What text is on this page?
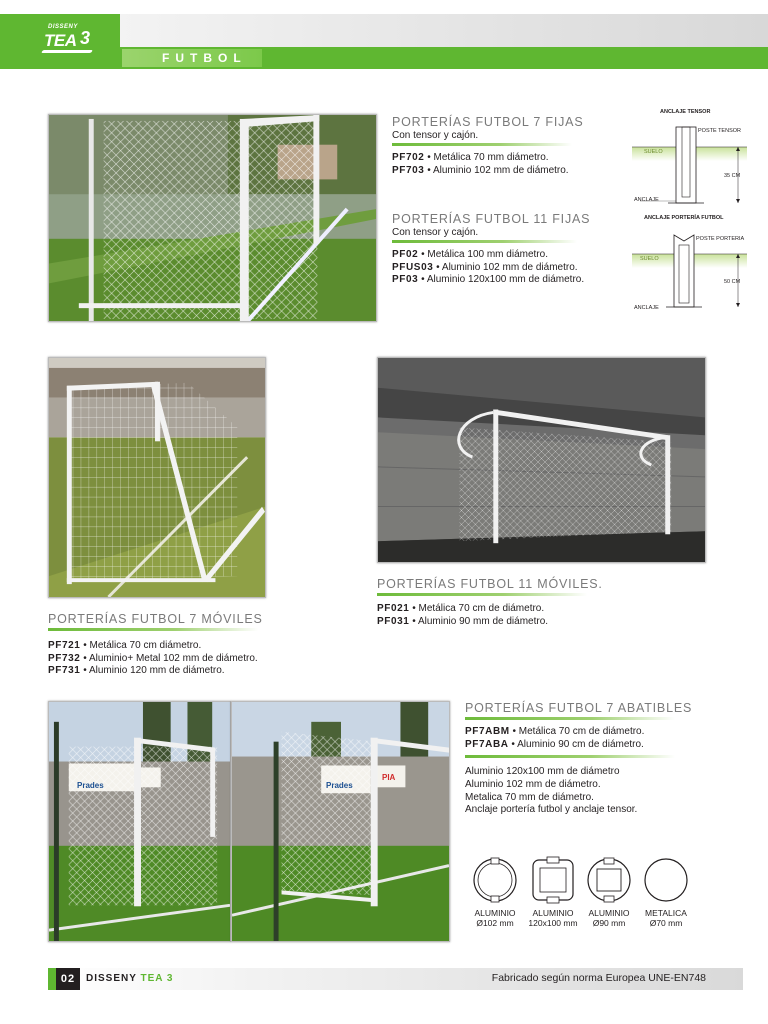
FUTBOL
DISSENY
TEA 3
PORTERÍAS FUTBOL 7 FIJAS
Con tensor y cajón.
PF702 • Metálica 70 mm diámetro.
PF703 • Aluminio 102 mm de diámetro.
PORTERÍAS FUTBOL 11 FIJAS
Con tensor y cajón.
PF02 • Metálica 100 mm diámetro.
PFUS03 • Aluminio 102 mm de diámetro.
PF03 • Aluminio 120x100 mm de diámetro.
ANCLAJE TENSOR
POSTE TENSOR
SUELO
35 CM
ANCLAJE
ANCLAJE PORTERÍA FUTBOL
POSTE PORTERIA
SUELO
50 CM
ANCLAJE
PORTERÍAS FUTBOL 11 MÓVILES.
PF021 • Metálica 70 cm de diámetro.
PF031 • Aluminio 90 mm de diámetro.
PORTERÍAS FUTBOL 7 MÓVILES
PF721 • Metálica 70 cm diámetro.
PF732 • Aluminio+ Metal 102 mm de diámetro.
PF731 • Aluminio 120 mm de diámetro.
Prades	Prades
PIA
PORTERÍAS FUTBOL 7 ABATIBLES
PF7ABM • Metálica 70 cm de diámetro.
PF7ABA • Aluminio 90 cm de diámetro.
Aluminio 120x100 mm de diámetro
Aluminio 102 mm de diámetro.
Metalica 70 mm de diámetro.
Anclaje portería futbol y anclaje tensor.
ALUMINIO
Ø102 mm
ALUMINIO
120x100 mm
ALUMINIO
Ø90 mm
METALICA
Ø70 mm
02	DISSENY TEA 3	Fabricado según norma Europea UNE-EN748
